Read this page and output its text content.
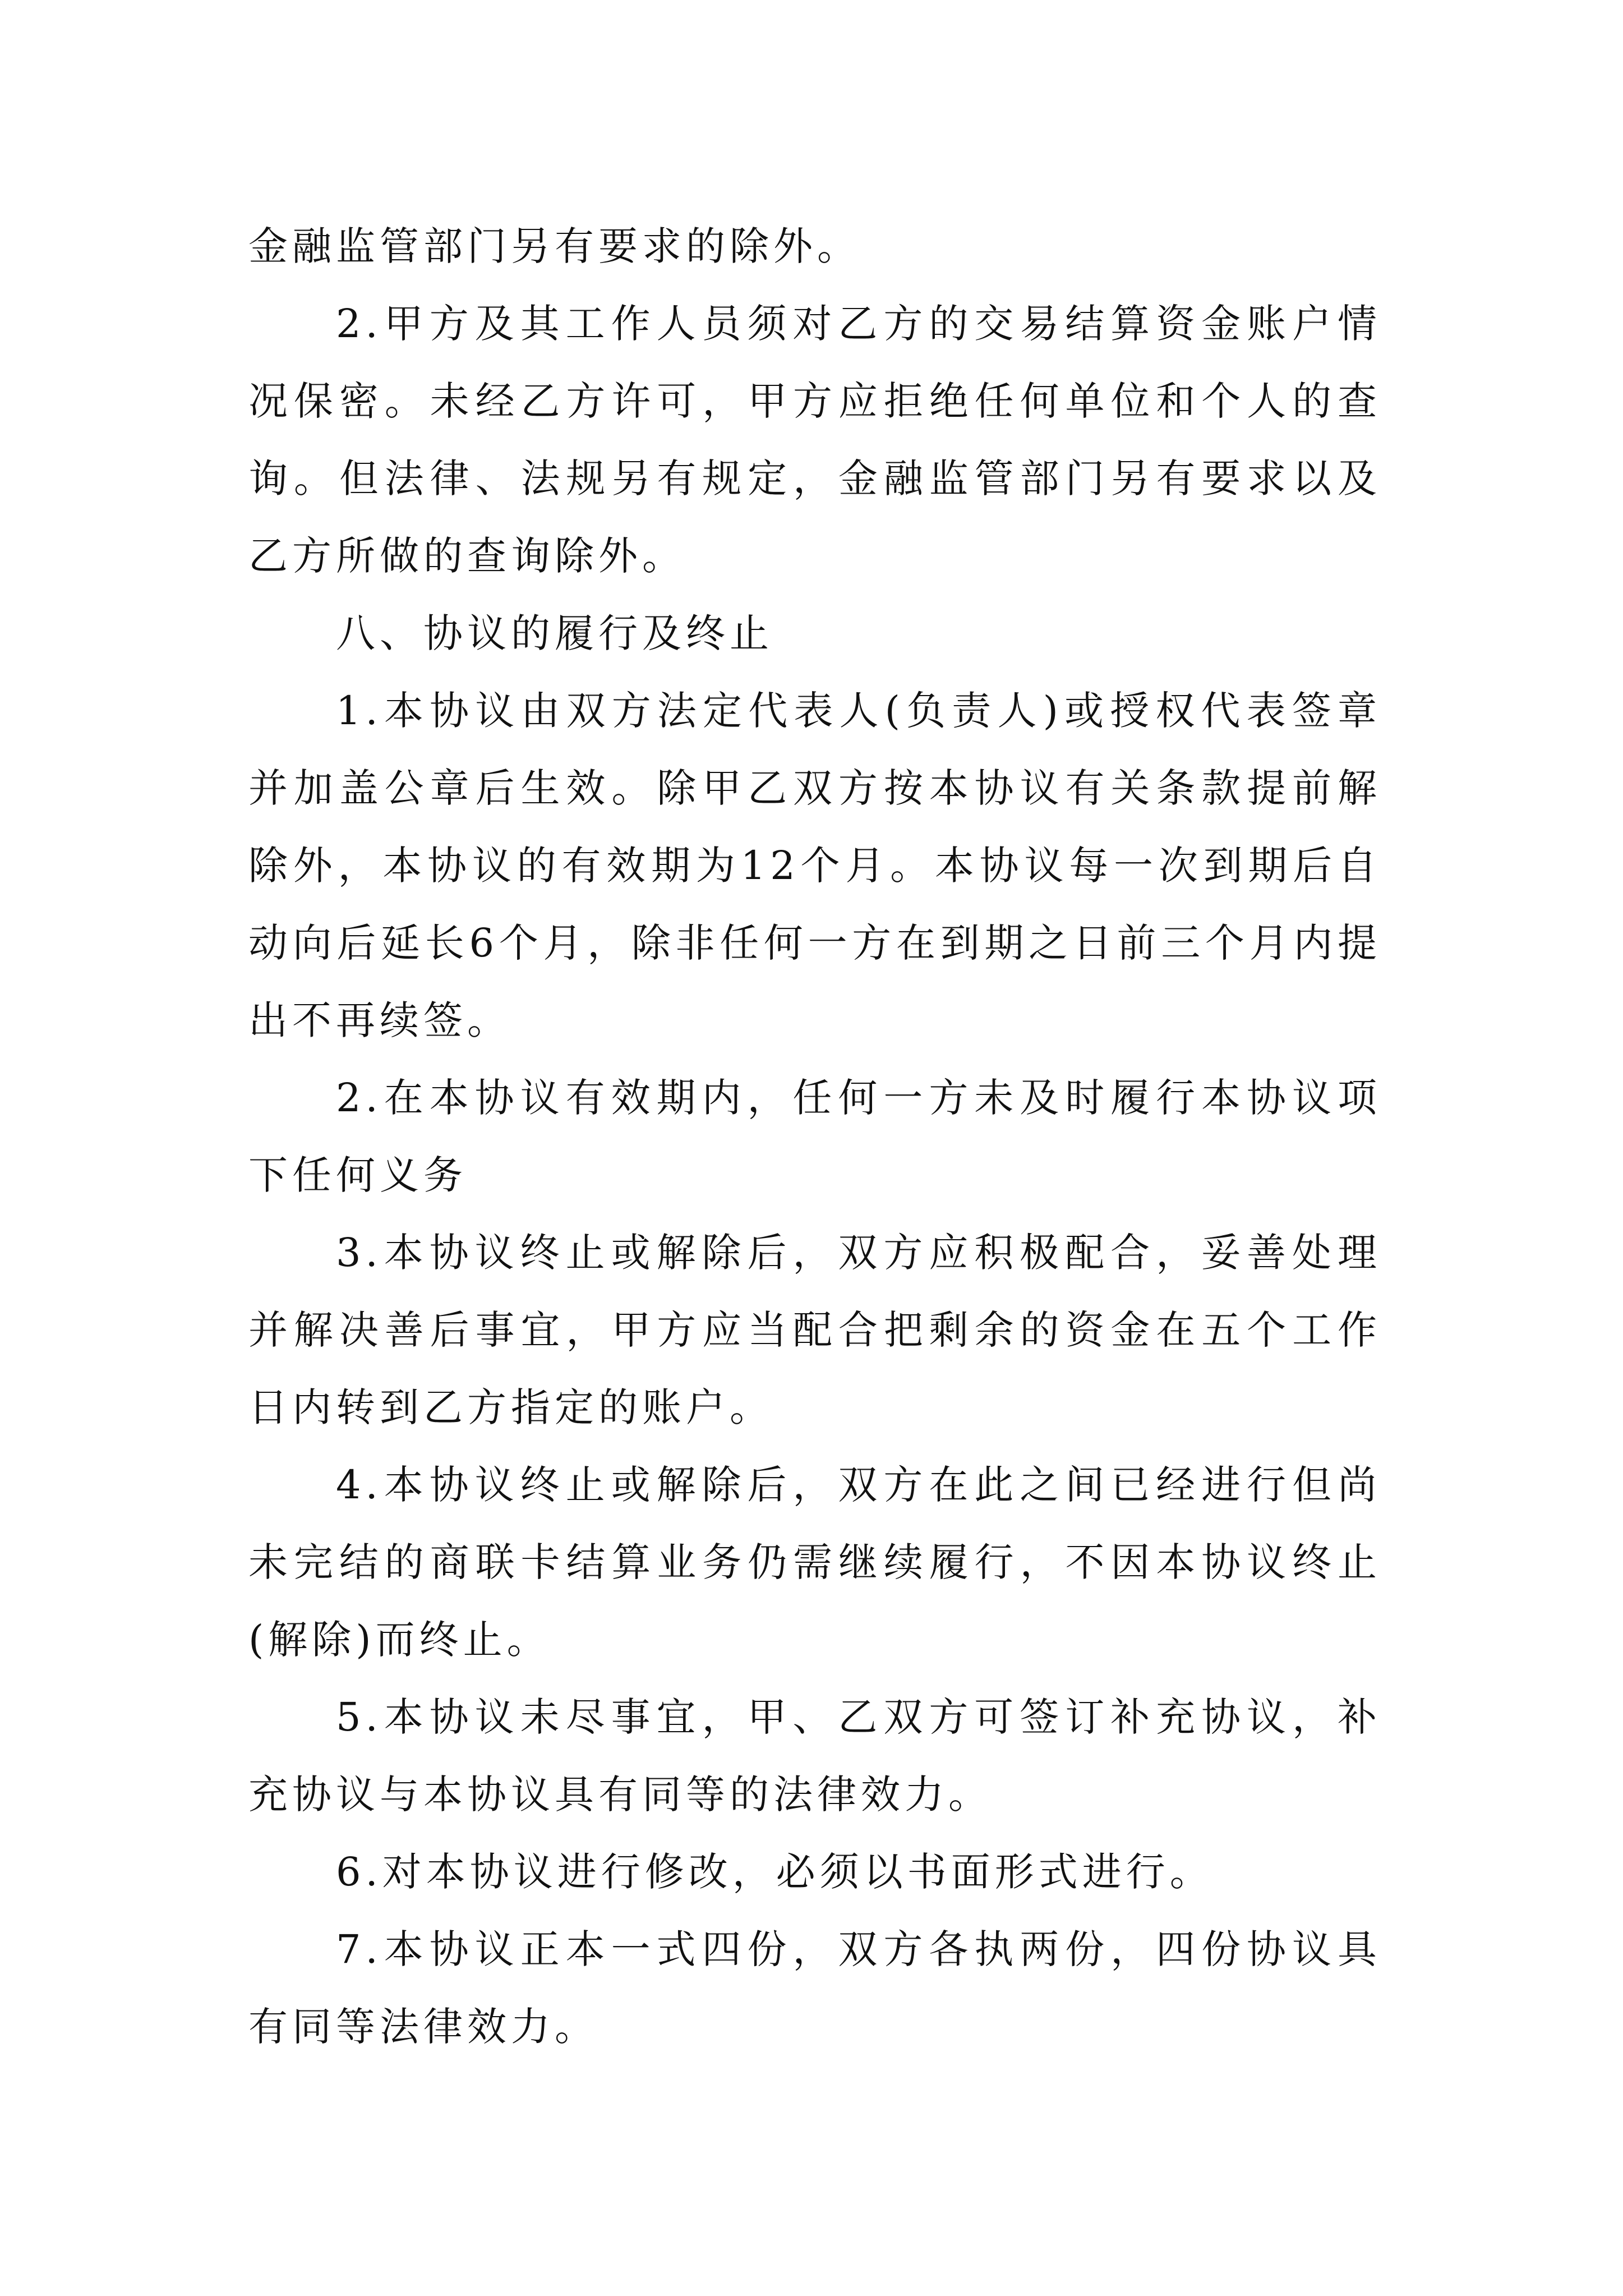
金融监管部门另有要求的除外。

2.甲方及其工作人员须对乙方的交易结算资金账户情况保密。未经乙方许可，甲方应拒绝任何单位和个人的查询。但法律、法规另有规定，金融监管部门另有要求以及乙方所做的查询除外。

八、协议的履行及终止

1.本协议由双方法定代表人(负责人)或授权代表签章并加盖公章后生效。除甲乙双方按本协议有关条款提前解除外，本协议的有效期为12个月。本协议每一次到期后自动向后延长6个月，除非任何一方在到期之日前三个月内提出不再续签。

2.在本协议有效期内，任何一方未及时履行本协议项下任何义务

3.本协议终止或解除后，双方应积极配合，妥善处理并解决善后事宜，甲方应当配合把剩余的资金在五个工作日内转到乙方指定的账户。

4.本协议终止或解除后，双方在此之间已经进行但尚未完结的商联卡结算业务仍需继续履行，不因本协议终止(解除)而终止。

5.本协议未尽事宜，甲、乙双方可签订补充协议，补充协议与本协议具有同等的法律效力。

6.对本协议进行修改，必须以书面形式进行。

7.本协议正本一式四份，双方各执两份，四份协议具有同等法律效力。
